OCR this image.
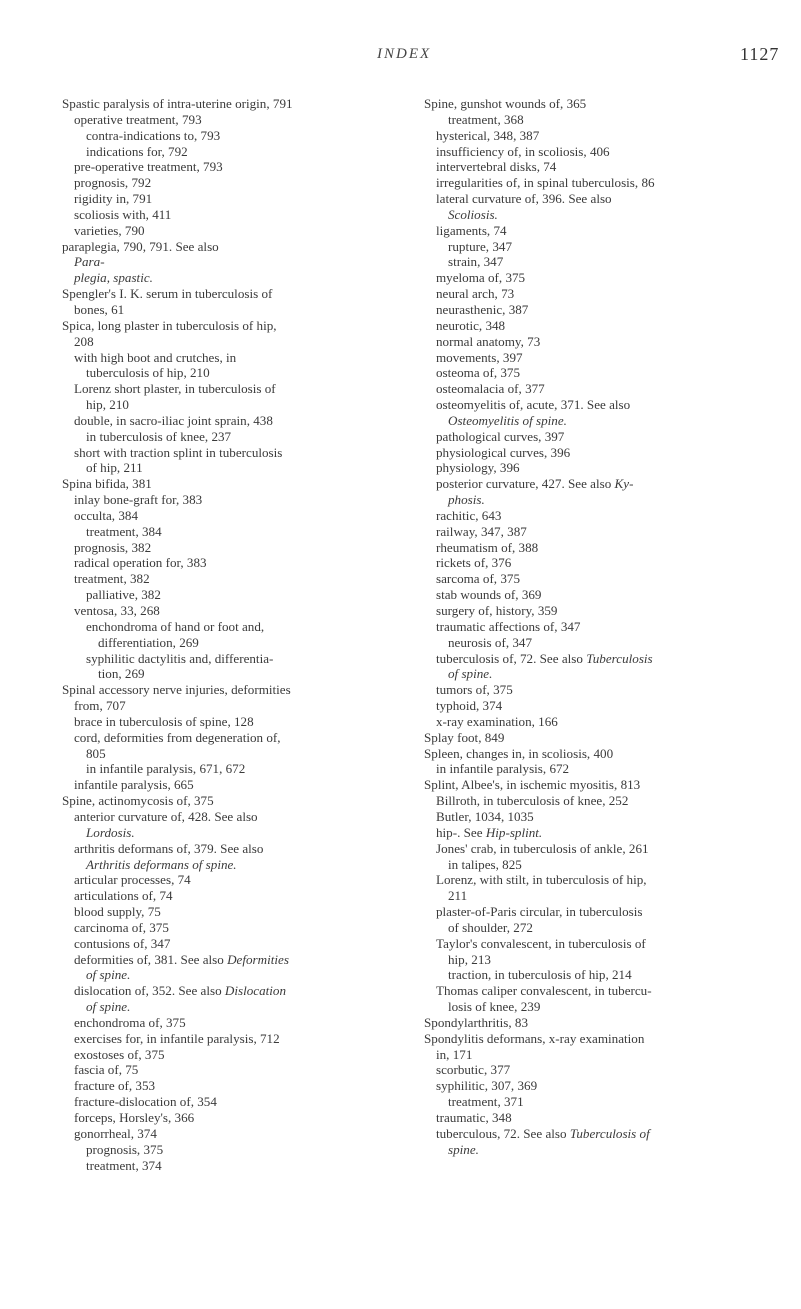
INDEX	1127
Spastic paralysis of intra-uterine origin, 791
operative treatment, 793
contra-indications to, 793
indications for, 792
pre-operative treatment, 793
prognosis, 792
rigidity in, 791
scoliosis with, 411
varieties, 790
paraplegia, 790, 791. See also
Para-
plegia, spastic.
Spengler's I. K. serum in tuberculosis of
bones, 61
Spica, long plaster in tuberculosis of hip,
208
with high boot and crutches, in
tuberculosis of hip, 210
Lorenz short plaster, in tuberculosis of
hip, 210
double, in sacro-iliac joint sprain, 438
in tuberculosis of knee, 237
short with traction splint in tuberculosis
of hip, 211
Spina bifida, 381
inlay bone-graft for, 383
occulta, 384
treatment, 384
prognosis, 382
radical operation for, 383
treatment, 382
palliative, 382
ventosa, 33, 268
enchondroma of hand or foot and,
differentiation, 269
syphilitic dactylitis and, differentia-
tion, 269
Spinal accessory nerve injuries, deformities
from, 707
brace in tuberculosis of spine, 128
cord, deformities from degeneration of,
805
in infantile paralysis, 671, 672
infantile paralysis, 665
Spine, actinomycosis of, 375
anterior curvature of, 428. See also
Lordosis.
arthritis deformans of, 379. See also
Arthritis deformans of spine.
articular processes, 74
articulations of, 74
blood supply, 75
carcinoma of, 375
contusions of, 347
deformities of, 381. See also Deformities
of spine.
dislocation of, 352. See also Dislocation
of spine.
enchondroma of, 375
exercises for, in infantile paralysis, 712
exostoses of, 375
fascia of, 75
fracture of, 353
fracture-dislocation of, 354
forceps, Horsley's, 366
gonorrheal, 374
prognosis, 375
treatment, 374
Spine, gunshot wounds of, 365
treatment, 368
hysterical, 348, 387
insufficiency of, in scoliosis, 406
intervertebral disks, 74
irregularities of, in spinal tuberculosis, 86
lateral curvature of, 396. See also
Scoliosis.
ligaments, 74
rupture, 347
strain, 347
myeloma of, 375
neural arch, 73
neurasthenic, 387
neurotic, 348
normal anatomy, 73
movements, 397
osteoma of, 375
osteomalacia of, 377
osteomyelitis of, acute, 371. See also
Osteomyelitis of spine.
pathological curves, 397
physiological curves, 396
physiology, 396
posterior curvature, 427. See also Ky-
phosis.
rachitic, 643
railway, 347, 387
rheumatism of, 388
rickets of, 376
sarcoma of, 375
stab wounds of, 369
surgery of, history, 359
traumatic affections of, 347
neurosis of, 347
tuberculosis of, 72. See also Tuberculosis
of spine.
tumors of, 375
typhoid, 374
x-ray examination, 166
Splay foot, 849
Spleen, changes in, in scoliosis, 400
in infantile paralysis, 672
Splint, Albee's, in ischemic myositis, 813
Billroth, in tuberculosis of knee, 252
Butler, 1034, 1035
hip-. See Hip-splint.
Jones' crab, in tuberculosis of ankle, 261
in talipes, 825
Lorenz, with stilt, in tuberculosis of hip,
211
plaster-of-Paris circular, in tuberculosis
of shoulder, 272
Taylor's convalescent, in tuberculosis of
hip, 213
traction, in tuberculosis of hip, 214
Thomas caliper convalescent, in tubercu-
losis of knee, 239
Spondylarthritis, 83
Spondylitis deformans, x-ray examination
in, 171
scorbutic, 377
syphilitic, 307, 369
treatment, 371
traumatic, 348
tuberculous, 72. See also Tuberculosis of
spine.
